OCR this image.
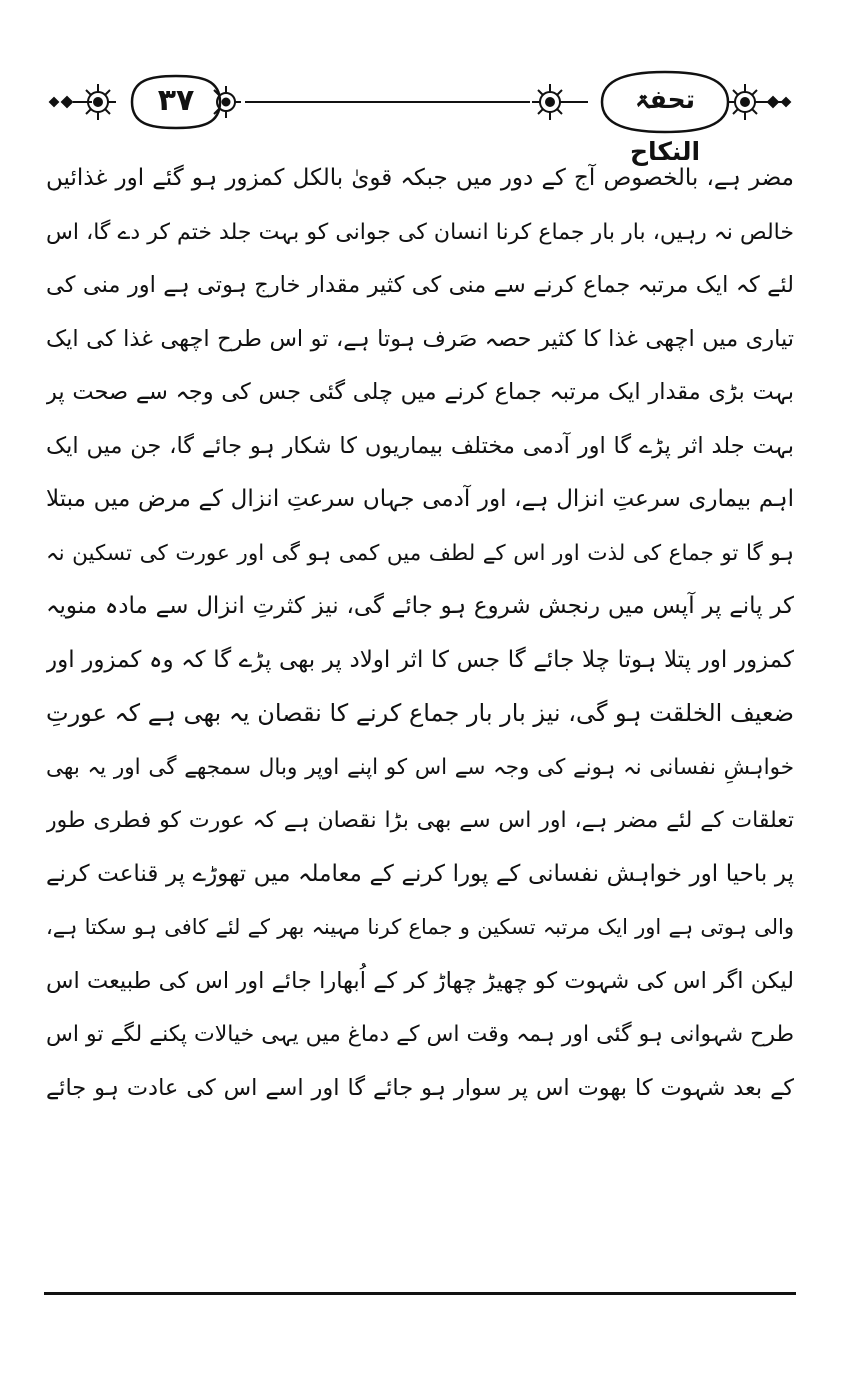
تحفۃ النکاح
۳۷
مضر ہے، بالخصوص آج کے دور میں جبکہ قویٰ بالکل کمزور ہو گئے اور غذائیں
خالص نہ رہیں، بار بار جماع کرنا انسان کی جوانی کو بہت جلد ختم کر دے گا، اس
لئے کہ ایک مرتبہ جماع کرنے سے منی کی کثیر مقدار خارج ہوتی ہے اور منی کی
تیاری میں اچھی غذا کا کثیر حصہ صَرف ہوتا ہے، تو اس طرح اچھی غذا کی ایک
بہت بڑی مقدار ایک مرتبہ جماع کرنے میں چلی گئی جس کی وجہ سے صحت پر
بہت جلد اثر پڑے گا اور آدمی مختلف بیماریوں کا شکار ہو جائے گا، جن میں ایک
اہم بیماری سرعتِ انزال ہے، اور آدمی جہاں سرعتِ انزال کے مرض میں مبتلا
ہو گا تو جماع کی لذت اور اس کے لطف میں کمی ہو گی اور عورت کی تسکین نہ
کر پانے پر آپس میں رنجش شروع ہو جائے گی، نیز کثرتِ انزال سے مادہ منویہ
کمزور اور پتلا ہوتا چلا جائے گا جس کا اثر اولاد پر بھی پڑے گا کہ وہ کمزور اور
ضعیف الخلقت ہو گی، نیز بار بار جماع کرنے کا نقصان یہ بھی ہے کہ عورتِ
خواہشِ نفسانی نہ ہونے کی وجہ سے اس کو اپنے اوپر وبال سمجھے گی اور یہ بھی
تعلقات کے لئے مضر ہے، اور اس سے بھی بڑا نقصان ہے کہ عورت کو فطری طور
پر باحیا اور خواہش نفسانی کے پورا کرنے کے معاملہ میں تھوڑے پر قناعت کرنے
والی ہوتی ہے اور ایک مرتبہ تسکین و جماع کرنا مہینہ بھر کے لئے کافی ہو سکتا ہے،
لیکن اگر اس کی شہوت کو چھیڑ چھاڑ کر کے اُبھارا جائے اور اس کی طبیعت اس
طرح شہوانی ہو گئی اور ہمہ وقت اس کے دماغ میں یہی خیالات پکنے لگے تو اس
کے بعد شہوت کا بھوت اس پر سوار ہو جائے گا اور اسے اس کی عادت ہو جائے
